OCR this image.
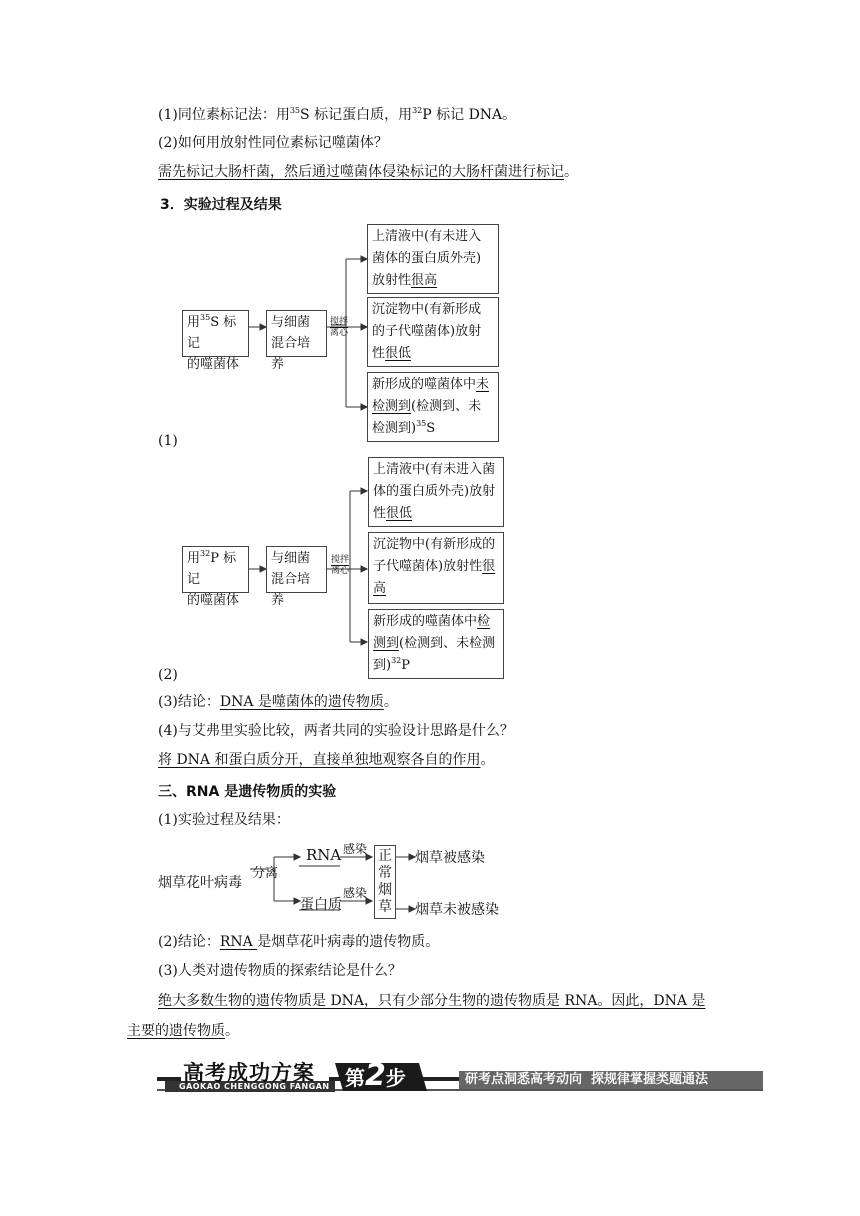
(1)同位素标记法：用$^{35}$S 标记蛋白质，用$^{32}$P 标记 DNA。
(2)如何用放射性同位素标记噬菌体？
需先标记大肠杆菌，然后通过噬菌体侵染标记的大肠杆菌进行标记。
3．实验过程及结果
用$^{35}$S 标记
的噬菌体
与细菌混合培养
搅拌
离心
上清液中(有未进入菌体的蛋白质外壳)放射性很高
沉淀物中(有新形成的子代噬菌体)放射性很低
新形成的噬菌体中未检测到(检测到、未检测到)$^{35}$S
(1)
用$^{32}$P 标记
的噬菌体
与细菌混合培养
搅拌
离心
上清液中(有未进入菌体的蛋白质外壳)放射性很低
沉淀物中(有新形成的子代噬菌体)放射性很高
新形成的噬菌体中检测到(检测到、未检测到)$^{32}$P
(2)
(3)结论：DNA 是噬菌体的遗传物质。
(4)与艾弗里实验比较，两者共同的实验设计思路是什么？
将 DNA 和蛋白质分开，直接单独地观察各自的作用。
三、RNA 是遗传物质的实验
(1)实验过程及结果：
烟草花叶病毒
分离
RNA
蛋白质
感染
感染
正常烟草
烟草被感染
烟草未被感染
(2)结论：RNA 是烟草花叶病毒的遗传物质。
(3)人类对遗传物质的探索结论是什么？
绝大多数生物的遗传物质是 DNA，只有少部分生物的遗传物质是 RNA。因此，DNA 是
主要的遗传物质。
高考成功方案
GAOKAO CHENGGONG FANGAN 第2步	研考点洞悉高考动向  探规律掌握类题通法
